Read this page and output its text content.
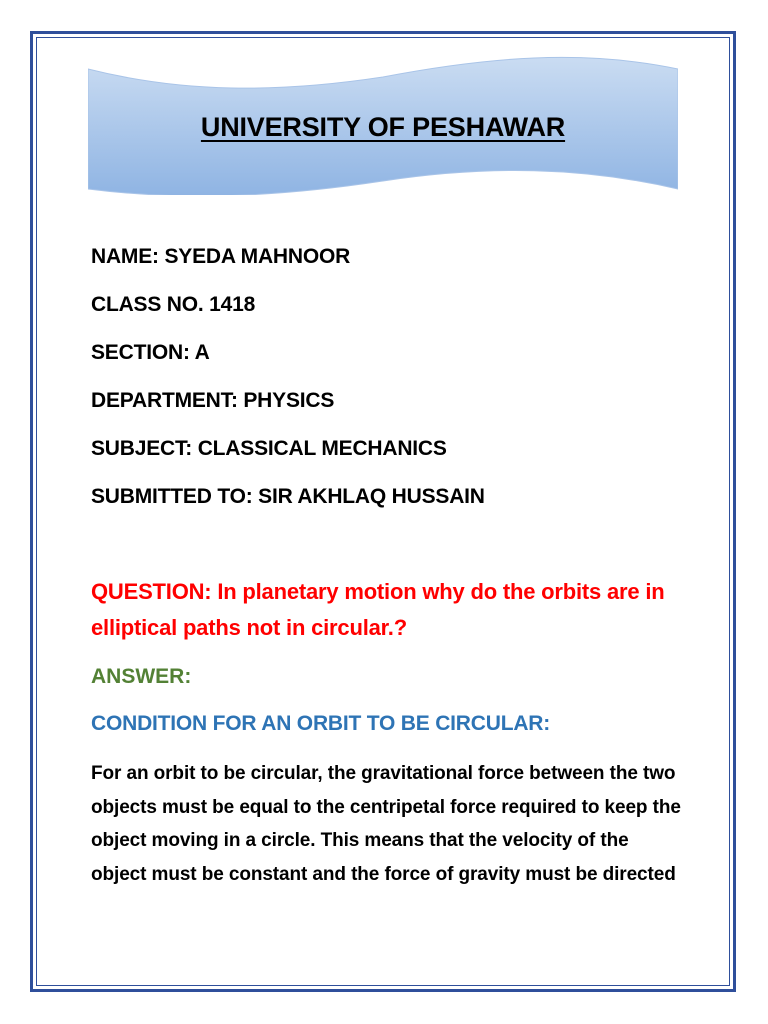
UNIVERSITY OF PESHAWAR
NAME: SYEDA MAHNOOR
CLASS NO. 1418
SECTION: A
DEPARTMENT: PHYSICS
SUBJECT: CLASSICAL MECHANICS
SUBMITTED TO: SIR AKHLAQ HUSSAIN

QUESTION: In planetary motion why do the orbits are in elliptical paths not in circular.?

ANSWER:

CONDITION FOR AN ORBIT TO BE CIRCULAR:

For an orbit to be circular, the gravitational force between the two objects must be equal to the centripetal force required to keep the object moving in a circle. This means that the velocity of the object must be constant and the force of gravity must be directed
